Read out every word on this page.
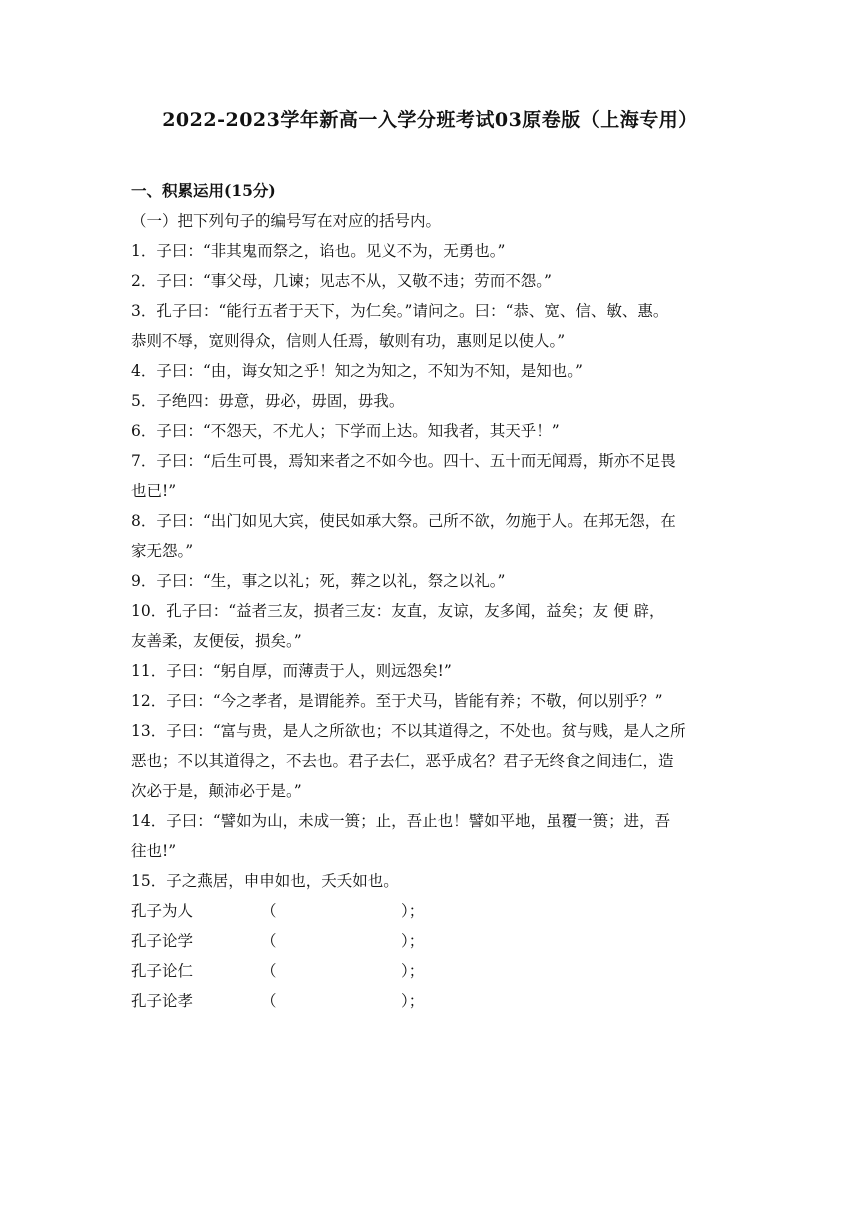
2022-2023学年新高一入学分班考试03原卷版（上海专用）
一、积累运用(15分)
（一）把下列句子的编号写在对应的括号内。
1．子曰：“非其鬼而祭之，谄也。见义不为，无勇也。”
2．子曰：“事父母，几谏；见志不从，又敬不违；劳而不怨。”
3．孔子曰：“能行五者于天下，为仁矣。”请问之。曰：“恭、宽、信、敏、惠。
恭则不辱，宽则得众，信则人任焉，敏则有功，惠则足以使人。”
4．子曰：“由，诲女知之乎！知之为知之，不知为不知，是知也。”
5．子绝四：毋意，毋必，毋固，毋我。
6．子曰：“不怨天，不尤人；下学而上达。知我者，其天乎！”
7．子曰：“后生可畏，焉知来者之不如今也。四十、五十而无闻焉，斯亦不足畏
也已!”
8．子曰：“出门如见大宾，使民如承大祭。己所不欲，勿施于人。在邦无怨，在
家无怨。”
9．子曰：“生，事之以礼；死，葬之以礼，祭之以礼。”
10．孔子曰：“益者三友，损者三友：友直，友谅，友多闻，益矣；友 便 辟，
友善柔，友便佞，损矣。”
11．子曰：“躬自厚，而薄责于人，则远怨矣!”
12．子曰：“今之孝者，是谓能养。至于犬马，皆能有养；不敬，何以别乎？”
13．子曰：“富与贵，是人之所欲也；不以其道得之，不处也。贫与贱，是人之所
恶也；不以其道得之，不去也。君子去仁，恶乎成名？君子无终食之间违仁，造
次必于是，颠沛必于是。”
14．子曰：“譬如为山，未成一篑；止，吾止也！譬如平地，虽覆一篑；进，吾
往也!”
15．子之燕居，申申如也，夭夭如也。
孔子为人	（	）；
孔子论学	（	）；
孔子论仁	（	）；
孔子论孝	（	）；
